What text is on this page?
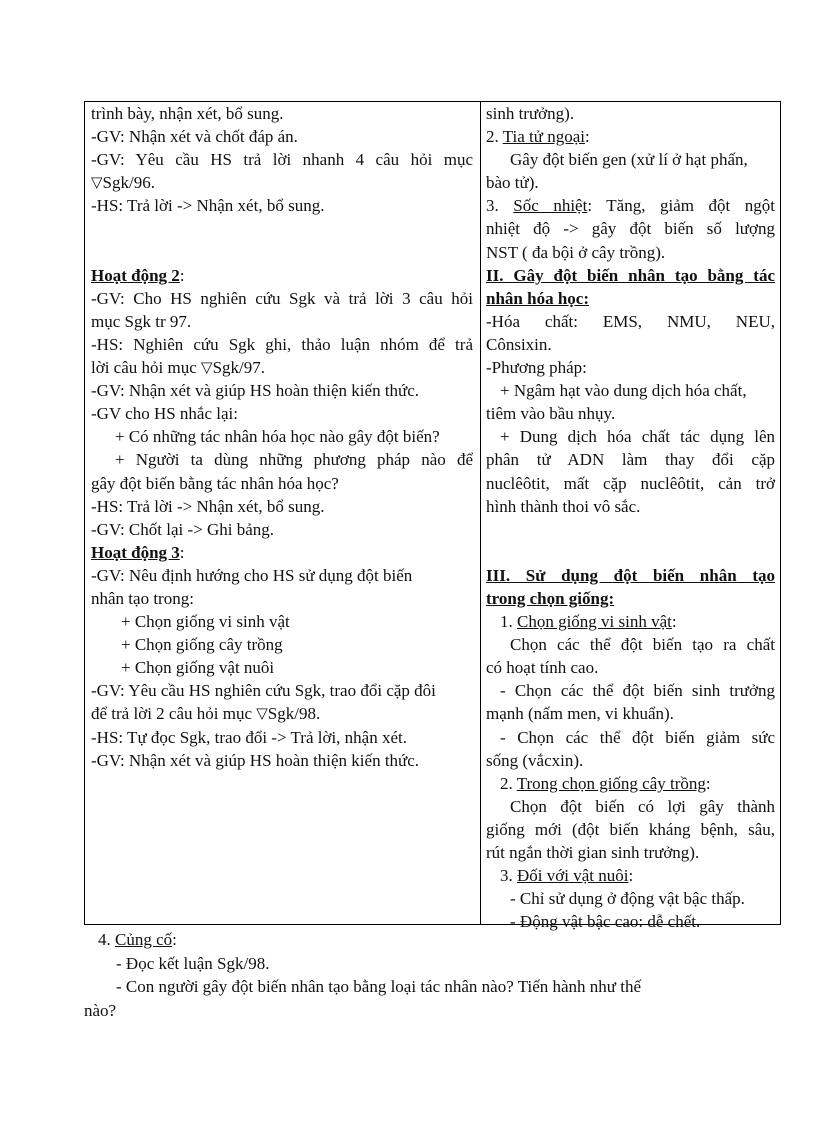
trình bày, nhận xét, bổ sung.
-GV: Nhận xét và chốt đáp án.
-GV: Yêu cầu HS trả lời nhanh 4 câu hỏi mục
▽Sgk/96.
-HS: Trả lời -> Nhận xét, bổ sung.
Hoạt động 2:
-GV: Cho HS nghiên cứu Sgk và trả lời 3 câu hỏi
mục Sgk tr 97.
-HS: Nghiên cứu Sgk ghi, thảo luận nhóm để trả
lời câu hỏi mục ▽Sgk/97.
-GV: Nhận xét và giúp HS hoàn thiện kiến thức.
-GV cho HS nhắc lại:
+ Có những tác nhân hóa học nào gây đột biến?
+ Người ta dùng những phương pháp nào để
gây đột biến bằng tác nhân hóa học?
-HS: Trả lời -> Nhận xét, bổ sung.
-GV: Chốt lại -> Ghi bảng.
Hoạt động 3:
-GV: Nêu định hướng cho HS sử dụng đột biến
nhân tạo trong:
+ Chọn giống vi sinh vật
+ Chọn giống cây trồng
+ Chọn giống vật nuôi
-GV: Yêu cầu HS nghiên cứu Sgk, trao đổi cặp đôi
để trả lời 2 câu hỏi mục ▽Sgk/98.
-HS: Tự đọc Sgk, trao đổi -> Trả lời, nhận xét.
-GV: Nhận xét và giúp HS hoàn thiện kiến thức.
sinh trưởng).
2. Tia tử ngoại:
Gây đột biến gen (xử lí ở hạt phấn,
bào tử).
3. Sốc nhiệt: Tăng, giảm đột ngột
nhiệt độ -> gây đột biến số lượng
NST ( đa bội ở cây trồng).
II. Gây đột biến nhân tạo bằng tác
nhân hóa học:
-Hóa chất: EMS, NMU, NEU,
Cônsixin.
-Phương pháp:
+ Ngâm hạt vào dung dịch hóa chất,
tiêm vào bầu nhụy.
+ Dung dịch hóa chất tác dụng lên
phân tử ADN làm thay đổi cặp
nuclêôtit, mất cặp nuclêôtit, cản trở
hình thành thoi vô sắc.
III. Sử dụng đột biến nhân tạo
trong chọn giống:
1. Chọn giống vi sinh vật:
Chọn các thể đột biến tạo ra chất
có hoạt tính cao.
- Chọn các thể đột biến sinh trưởng
mạnh (nấm men, vi khuẩn).
- Chọn các thể đột biến giảm sức
sống (vắcxin).
2. Trong chọn giống cây trồng:
Chọn đột biến có lợi gây thành
giống mới (đột biến kháng bệnh, sâu,
rút ngắn thời gian sinh trưởng).
3. Đối với vật nuôi:
- Chỉ sử dụng ở động vật bậc thấp.
- Động vật bậc cao: dễ chết.
4. Củng cố:
- Đọc kết luận Sgk/98.
- Con người gây đột biến nhân tạo bằng loại tác nhân nào? Tiến hành như thế
nào?
